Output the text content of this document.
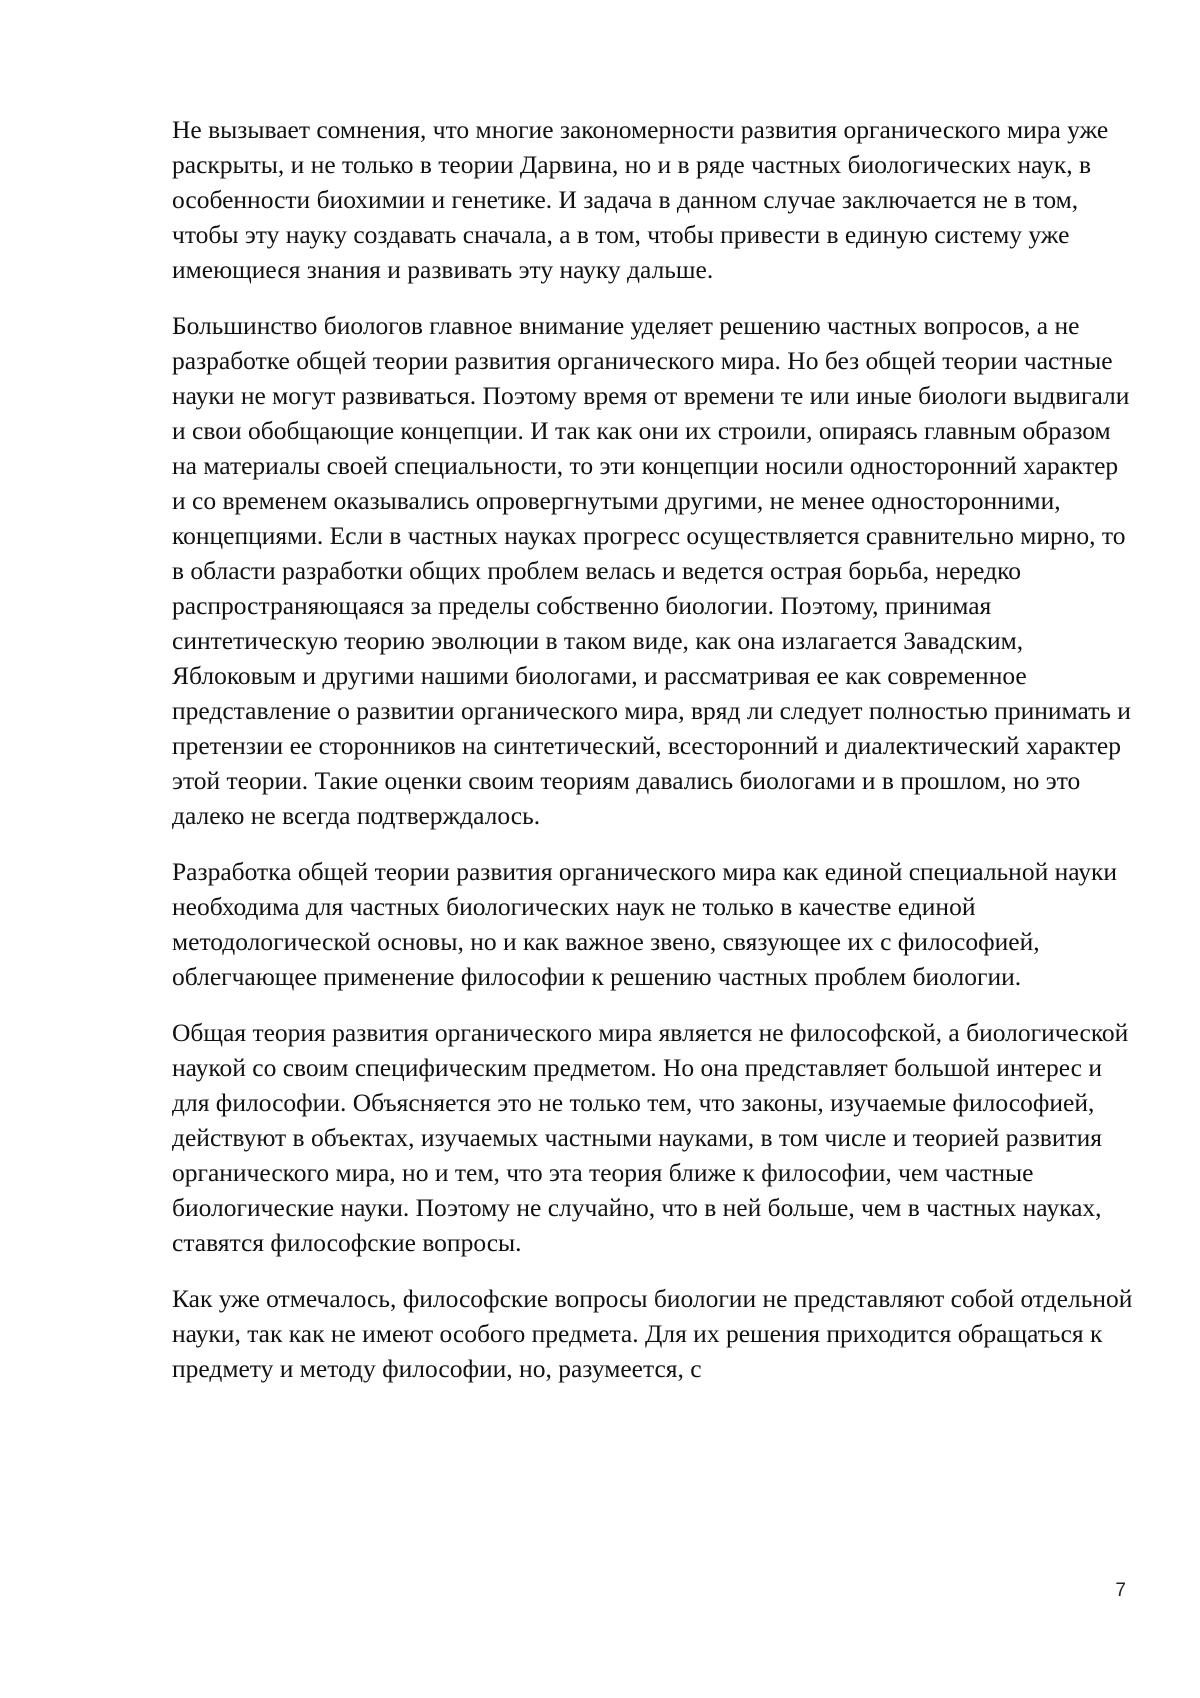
Не вызывает сомнения, что многие закономерности развития органического мира уже раскрыты, и не только в теории Дарвина, но и в ряде частных биологических наук, в особенности биохимии и генетике. И задача в данном случае заключается не в том, чтобы эту науку создавать сначала, а в том, чтобы привести в единую систему уже имеющиеся знания и развивать эту науку дальше.

Большинство биологов главное внимание уделяет решению частных вопросов, а не разработке общей теории развития органического мира. Но без общей теории частные науки не могут развиваться. Поэтому время от времени те или иные биологи выдвигали и свои обобщающие концепции. И так как они их строили, опираясь главным образом на материалы своей специальности, то эти концепции носили односторонний характер и со временем оказывались опровергнутыми другими, не менее односторонними, концепциями. Если в частных науках прогресс осуществляется сравнительно мирно, то в области разработки общих проблем велась и ведется острая борьба, нередко распространяющаяся за пределы собственно биологии. Поэтому, принимая синтетическую теорию эволюции в таком виде, как она излагается Завадским, Яблоковым и другими нашими биологами, и рассматривая ее как современное представление о развитии органического мира, вряд ли следует полностью принимать и претензии ее сторонников на синтетический, всесторонний и диалектический характер этой теории. Такие оценки своим теориям давались биологами и в прошлом, но это далеко не всегда подтверждалось.

Разработка общей теории развития органического мира как единой специальной науки необходима для частных биологических наук не только в качестве единой методологической основы, но и как важное звено, связующее их с философией, облегчающее применение философии к решению частных проблем биологии.

Общая теория развития органического мира является не философской, а биологической наукой со своим специфическим предметом. Но она представляет большой интерес и для философии. Объясняется это не только тем, что законы, изучаемые философией, действуют в объектах, изучаемых частными науками, в том числе и теорией развития органического мира, но и тем, что эта теория ближе к философии, чем частные биологические науки. Поэтому не случайно, что в ней больше, чем в частных науках, ставятся философские вопросы.

Как уже отмечалось, философские вопросы биологии не представляют собой отдельной науки, так как не имеют особого предмета. Для их решения приходится обращаться к предмету и методу философии, но, разумеется, с

7
